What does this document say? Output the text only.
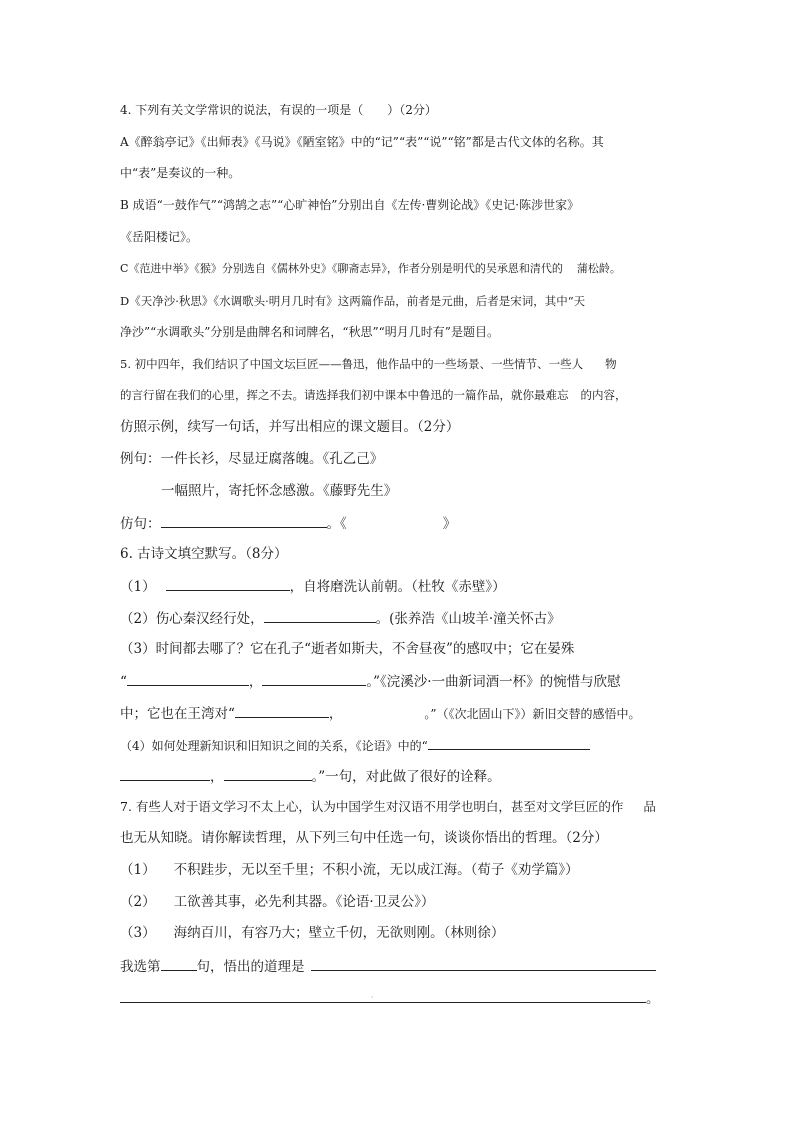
4. 下列有关文学常识的说法，有误的一项是（　　）（2分）
A《醉翁亭记》《出师表》《马说》《陋室铭》中的“记”“表”“说”“铭”都是古代文体的名称。其
中“表”是奏议的一种。
B 成语“一鼓作气”“鸿鹄之志”“心旷神怡”分别出自《左传·曹刿论战》《史记·陈涉世家》
《岳阳楼记》。
C《范进中举》《猴》分别选自《儒林外史》《聊斋志异》，作者分别是明代的吴承恩和清代的 蒲松龄。
D《天净沙·秋思》《水调歌头·明月几时有》这两篇作品，前者是元曲，后者是宋词，其中“天
净沙”“水调歌头”分别是曲牌名和词牌名，“秋思”“明月几时有”是题目。
5. 初中四年，我们结识了中国文坛巨匠——鲁迅，他作品中的一些场景、一些情节、一些人 物
的言行留在我们的心里，挥之不去。请选择我们初中课本中鲁迅的一篇作品，就你最难忘 的内容，
仿照示例，续写一句话，并写出相应的课文题目。（2分）
例句：一件长衫，尽显迂腐落魄。《孔乙己》
一幅照片，寄托怀念感激。《藤野先生》
仿句：	。《	》
6. 古诗文填空默写。（8分）
（1）	，自将磨洗认前朝。（杜牧《赤壁》）
（2）伤心秦汉经行处，	。(张养浩《山坡羊·潼关怀古》
（3）时间都去哪了？它在孔子“逝者如斯夫，不舍昼夜”的感叹中；它在晏殊
“	，	。”《浣溪沙·一曲新词酒一杯》的惋惜与欣慰
中；它也在王湾对“	，	。”（《次北固山下》）新旧交替的感悟中。
（4）如何处理新知识和旧知识之间的关系，《论语》中的“
，	。”一句，对此做了很好的诠释。
7. 有些人对于语文学习不太上心，认为中国学生对汉语不用学也明白，甚至对文学巨匠的作 品
也无从知晓。请你解读哲理，从下列三句中任选一句，谈谈你悟出的哲理。（2分）
（1） 不积跬步，无以至千里；不积小流，无以成江海。（荀子《劝学篇》）
（2） 工欲善其事，必先利其器。《论语·卫灵公》）
（3） 海纳百川，有容乃大；壁立千仞，无欲则刚。（林则徐）
我选第	句，悟出的道理是
。
·
